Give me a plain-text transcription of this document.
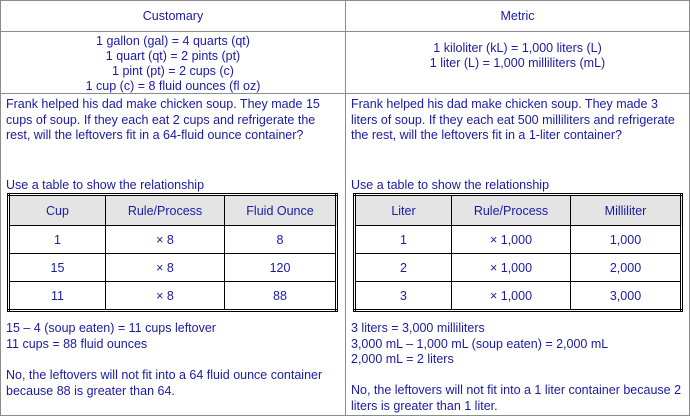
Customary	Metric
1 gallon (gal) = 4 quarts (qt)
1 quart (qt) = 2 pints (pt)
1 pint (pt) = 2 cups (c)
1 cup (c) = 8 fluid ounces (fl oz)
1 kiloliter (kL) = 1,000 liters (L)
1 liter (L) = 1,000 milliliters (mL)
Frank helped his dad make chicken soup. They made 15 cups of soup. If they each eat 2 cups and refrigerate the rest, will the leftovers fit in a 64-fluid ounce container?
Use a table to show the relationship
Cup	Rule/Process	Fluid Ounce
1	× 8	8
15	× 8	120
11	× 8	88
15 – 4 (soup eaten) = 11 cups leftover
11 cups = 88 fluid ounces
No, the leftovers will not fit into a 64 fluid ounce container because 88 is greater than 64.
Frank helped his dad make chicken soup. They made 3 liters of soup. If they each eat 500 milliliters and refrigerate the rest, will the leftovers fit in a 1-liter container?
Use a table to show the relationship
Liter	Rule/Process	Milliliter
1	× 1,000	1,000
2	× 1,000	2,000
3	× 1,000	3,000
3 liters = 3,000 milliliters
3,000 mL – 1,000 mL (soup eaten) = 2,000 mL
2,000 mL = 2 liters
No, the leftovers will not fit into a 1 liter container because 2 liters is greater than 1 liter.
